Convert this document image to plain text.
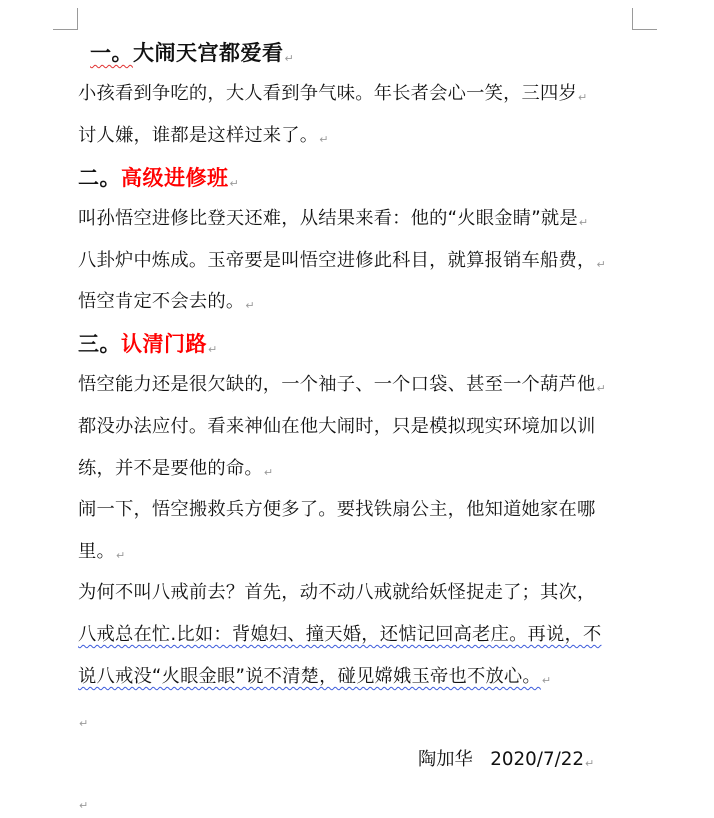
一。大闹天宫都爱看↵
小孩看到争吃的，大人看到争气味。年长者会心一笑，三四岁↵
讨人嫌，谁都是这样过来了。↵
二。高级进修班↵
叫孙悟空进修比登天还难，从结果来看：他的“火眼金睛”就是↵
八卦炉中炼成。玉帝要是叫悟空进修此科目，就算报销车船费，↵
悟空肯定不会去的。↵
三。认清门路↵
悟空能力还是很欠缺的，一个袖子、一个口袋、甚至一个葫芦他↵
都没办法应付。看来神仙在他大闹时，只是模拟现实环境加以训
练，并不是要他的命。↵
闹一下，悟空搬救兵方便多了。要找铁扇公主，他知道她家在哪
里。↵
为何不叫八戒前去？首先，动不动八戒就给妖怪捉走了；其次，
八戒总在忙.比如：背媳妇、撞天婚，还惦记回高老庄。再说，不
说八戒没“火眼金眼”说不清楚，碰见嫦娥玉帝也不放心。↵
↵
陶加华 2020/7/22↵
↵
